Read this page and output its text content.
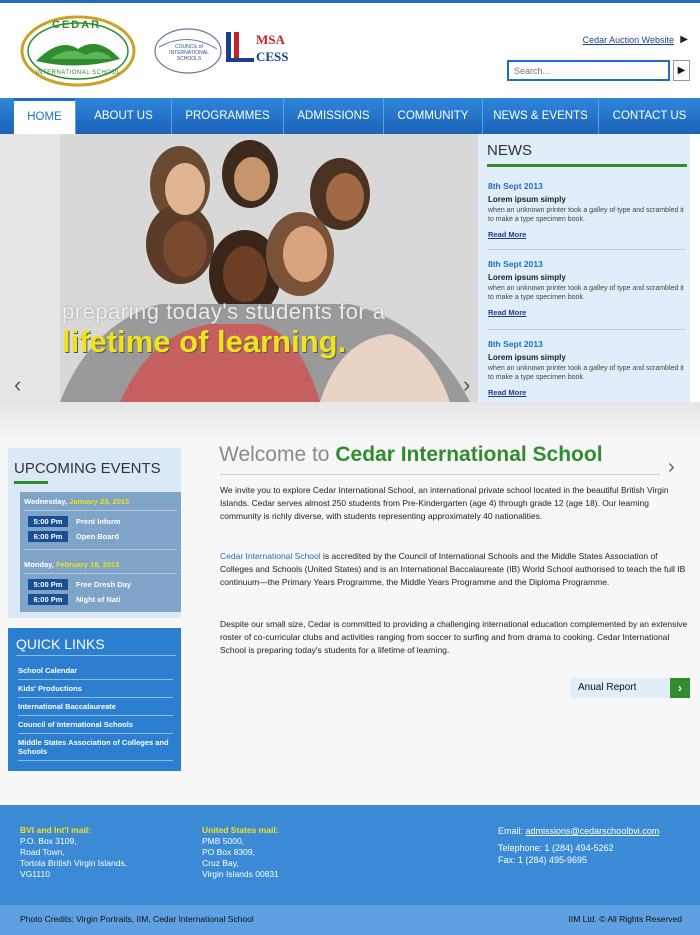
CEDAR
INTERNATIONAL SCHOOL
COUNCIL of INTERNATIONAL SCHOOLS
MSA
CESS
Cedar Auction Website ▶
Search...
▶
HOME	ABOUT US	PROGRAMMES	ADMISSIONS	COMMUNITY	NEWS & EVENTS	CONTACT US
preparing today's students for a
lifetime of learning.
‹	›
NEWS
8th Sept 2013
Lorem ipsum simply
when an unknown printer took a galley of type and scrambled it to make a type specimen book.
Read More
8th Sept 2013
Lorem ipsum simply
when an unknown printer took a galley of type and scrambled it to make a type specimen book.
Read More
8th Sept 2013
Lorem ipsum simply
when an unknown printer took a galley of type and scrambled it to make a type specimen book.
Read More
UPCOMING EVENTS
Wednesday, January 23, 2013
5:00 Pm	Prent Inform
6:00 Pm	Open Board
Monday, February 18, 2013
5:00 Pm	Free Dresh Day
6:00 Pm	Night of Nati
QUICK LINKS
School Calendar
Kids' Productions
International Baccalaureate
Council of International Schools
Middle States Association of Colleges and Schools
Welcome to Cedar International School
›
We invite you to explore Cedar International School, an international private school located in the beautiful British Virgin Islands. Cedar serves almost 250 students from Pre-Kindergarten (age 4) through grade 12 (age 18). Our learning community is richly diverse, with students representing approximately 40 nationalities.
Cedar International School is accredited by the Council of International Schools and the Middle States Association of Colleges and Schools (United States) and is an International Baccalaureate (IB) World School authorised to teach the full IB continuum—the Primary Years Programme, the Middle Years Programme and the Diploma Programme.
Despite our small size, Cedar is committed to providing a challenging international education complemented by an extensive roster of co-curricular clubs and activities ranging from soccer to surfing and from drama to cooking. Cedar International School is preparing today's students for a lifetime of learning.
Anual Report	›
BVI and Int'l mail:
P.O. Box 3109,
Road Town,
Tortola British Virgin Islands,
VG1110
United States mail:
PMB 5000,
PO Box 8309,
Cruz Bay,
Virgin Islands 00831
Email: admissions@cedarschoolbvi.com
Telephone: 1 (284) 494-5262
Fax: 1 (284) 495-9695
Photo Credits: Virgin Portraits, IIM, Cedar International School	IIM Ltd. © All Rights Reserved
